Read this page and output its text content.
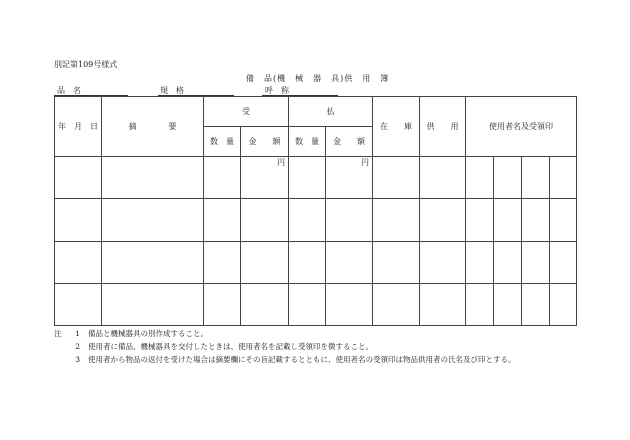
別記第109号様式
備　品(機　械　器　具)供　用　簿
品　名	規　格	呼　称
年　月　日	摘　　　　要	受		払		在　　庫	供　　用	使用者名及受領印			
		数　量	金　　額	数　量	金　　額						
			円		円						

注 1 備品と機械器具の別作成すること。
2 使用者に備品、機械器具を交付したときは、使用者名を記載し受領印を徴すること。
3 使用者から物品の返付を受けた場合は摘要欄にその旨記載するとともに、使用者名の受領印は物品供用者の氏名及び印とする。
